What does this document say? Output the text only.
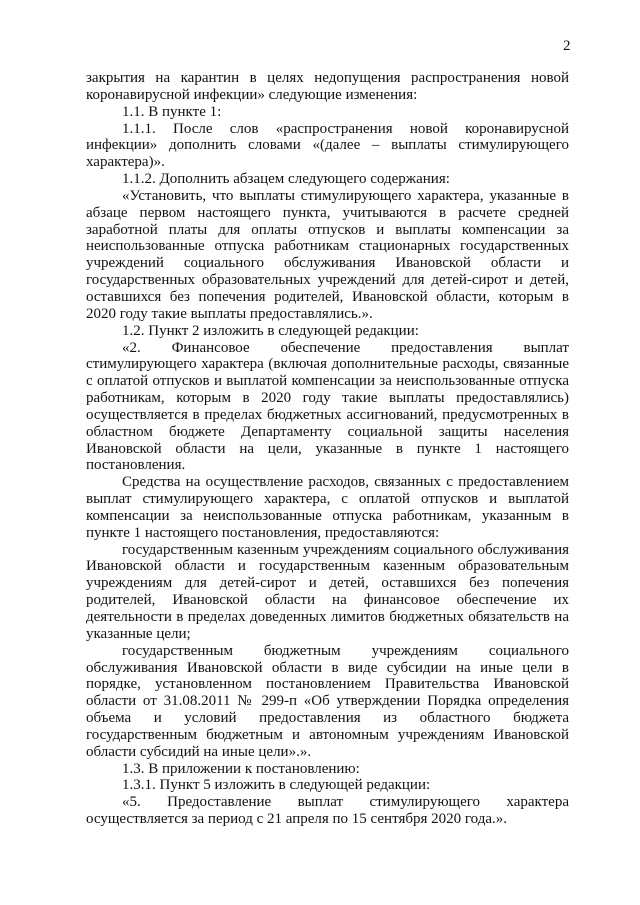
2

закрытия на карантин в целях недопущения распространения новой коронавирусной инфекции» следующие изменения:

1.1. В пункте 1:

1.1.1. После слов «распространения новой коронавирусной инфекции» дополнить словами «(далее – выплаты стимулирующего характера)».

1.1.2. Дополнить абзацем следующего содержания:

«Установить, что выплаты стимулирующего характера, указанные в абзаце первом настоящего пункта, учитываются в расчете средней заработной платы для оплаты отпусков и выплаты компенсации за неиспользованные отпуска работникам стационарных государственных учреждений социального обслуживания Ивановской области и государственных образовательных учреждений для детей-сирот и детей, оставшихся без попечения родителей, Ивановской области, которым в 2020 году такие выплаты предоставлялись.».

1.2. Пункт 2 изложить в следующей редакции:

«2. Финансовое обеспечение предоставления выплат стимулирующего характера (включая дополнительные расходы, связанные с оплатой отпусков и выплатой компенсации за неиспользованные отпуска работникам, которым в 2020 году такие выплаты предоставлялись) осуществляется в пределах бюджетных ассигнований, предусмотренных в областном бюджете Департаменту социальной защиты населения Ивановской области на цели, указанные в пункте 1 настоящего постановления.

Средства на осуществление расходов, связанных с предоставлением выплат стимулирующего характера, с оплатой отпусков и выплатой компенсации за неиспользованные отпуска работникам, указанным в пункте 1 настоящего постановления, предоставляются:

государственным казенным учреждениям социального обслуживания Ивановской области и государственным казенным образовательным учреждениям для детей-сирот и детей, оставшихся без попечения родителей, Ивановской области на финансовое обеспечение их деятельности в пределах доведенных лимитов бюджетных обязательств на указанные цели;

государственным бюджетным учреждениям социального обслуживания Ивановской области в виде субсидии на иные цели в порядке, установленном постановлением Правительства Ивановской области от 31.08.2011 № 299-п «Об утверждении Порядка определения объема и условий предоставления из областного бюджета государственным бюджетным и автономным учреждениям Ивановской области субсидий на иные цели».».

1.3. В приложении к постановлению:

1.3.1. Пункт 5 изложить в следующей редакции:

«5. Предоставление выплат стимулирующего характера осуществляется за период с 21 апреля по 15 сентября 2020 года.».
